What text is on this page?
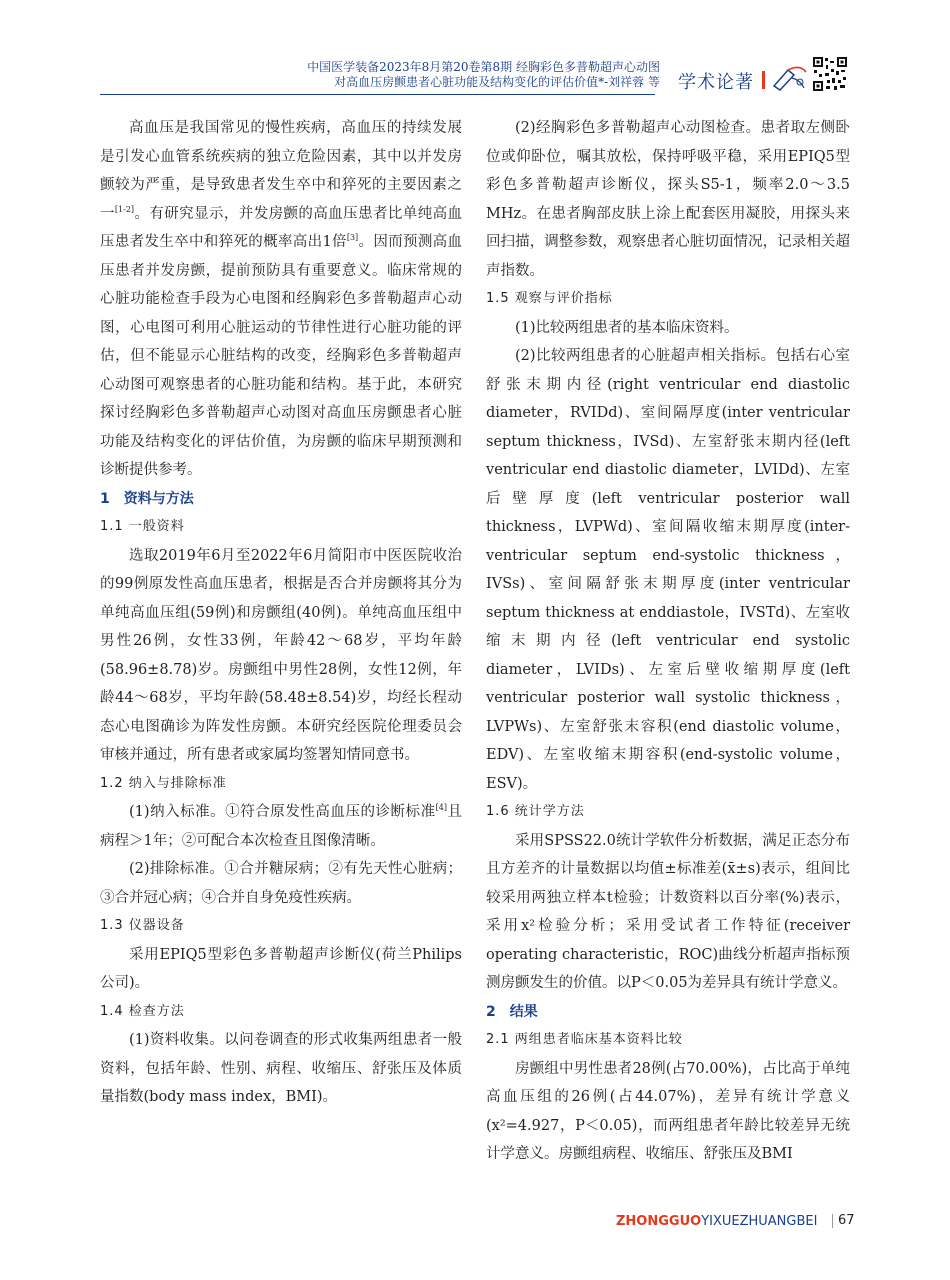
中国医学装备2023年8月第20卷第8期 经胸彩色多普勒超声心动图

对高血压房颤患者心脏功能及结构变化的评估价值*-刘祥蓉 等 学术论著

高血压是我国常见的慢性疾病，高血压的持续发展是引发心血管系统疾病的独立危险因素，其中以并发房颤较为严重，是导致患者发生卒中和猝死的主要因素之一[1-2]。有研究显示，并发房颤的高血压患者比单纯高血压患者发生卒中和猝死的概率高出1倍[3]。因而预测高血压患者并发房颤，提前预防具有重要意义。临床常规的心脏功能检查手段为心电图和经胸彩色多普勒超声心动图，心电图可利用心脏运动的节律性进行心脏功能的评估，但不能显示心脏结构的改变，经胸彩色多普勒超声心动图可观察患者的心脏功能和结构。基于此，本研究探讨经胸彩色多普勒超声心动图对高血压房颤患者心脏功能及结构变化的评估价值，为房颤的临床早期预测和诊断提供参考。

1 资料与方法

1.1 一般资料

选取2019年6月至2022年6月简阳市中医医院收治的99例原发性高血压患者，根据是否合并房颤将其分为单纯高血压组(59例)和房颤组(40例)。单纯高血压组中男性26例，女性33例，年龄42～68岁，平均年龄(58.96±8.78)岁。房颤组中男性28例，女性12例，年龄44～68岁，平均年龄(58.48±8.54)岁，均经长程动态心电图确诊为阵发性房颤。本研究经医院伦理委员会审核并通过，所有患者或家属均签署知情同意书。

1.2 纳入与排除标准

(1)纳入标准。①符合原发性高血压的诊断标准[4]且病程＞1年；②可配合本次检查且图像清晰。

(2)排除标准。①合并糖尿病；②有先天性心脏病；③合并冠心病；④合并自身免疫性疾病。

1.3 仪器设备

采用EPIQ5型彩色多普勒超声诊断仪(荷兰Philips公司)。

1.4 检查方法

(1)资料收集。以问卷调查的形式收集两组患者一般资料，包括年龄、性别、病程、收缩压、舒张压及体质量指数(body mass index，BMI)。

(2)经胸彩色多普勒超声心动图检查。患者取左侧卧位或仰卧位，嘱其放松，保持呼吸平稳，采用EPIQ5型彩色多普勒超声诊断仪，探头S5-1，频率2.0～3.5 MHz。在患者胸部皮肤上涂上配套医用凝胶，用探头来回扫描，调整参数，观察患者心脏切面情况，记录相关超声指数。

1.5 观察与评价指标

(1)比较两组患者的基本临床资料。

(2)比较两组患者的心脏超声相关指标。包括右心室舒张末期内径(right ventricular end diastolic diameter，RVIDd)、室间隔厚度(inter ventricular septum thickness，IVSd)、左室舒张末期内径(left ventricular end diastolic diameter，LVIDd)、左室后壁厚度(left ventricular posterior wall thickness，LVPWd)、室间隔收缩末期厚度(inter-ventricular septum end-systolic thickness，IVSs)、室间隔舒张末期厚度(inter ventricular septum thickness at enddiastole，IVSTd)、左室收缩末期内径(left ventricular end systolic diameter，LVIDs)、左室后壁收缩期厚度(left ventricular posterior wall systolic thickness，LVPWs)、左室舒张末容积(end diastolic volume，EDV)、左室收缩末期容积(end-systolic volume，ESV)。

1.6 统计学方法

采用SPSS22.0统计学软件分析数据，满足正态分布且方差齐的计量数据以均值±标准差(x̄±s)表示，组间比较采用两独立样本t检验；计数资料以百分率(%)表示，采用x²检验分析；采用受试者工作特征(receiver operating characteristic，ROC)曲线分析超声指标预测房颤发生的价值。以P＜0.05为差异具有统计学意义。

2 结果

2.1 两组患者临床基本资料比较

房颤组中男性患者28例(占70.00%)，占比高于单纯高血压组的26例(占44.07%)，差异有统计学意义(x²=4.927，P＜0.05)，而两组患者年龄比较差异无统计学意义。房颤组病程、收缩压、舒张压及BMI

ZHONGGUOYIXUEZHUANGBEI 67
